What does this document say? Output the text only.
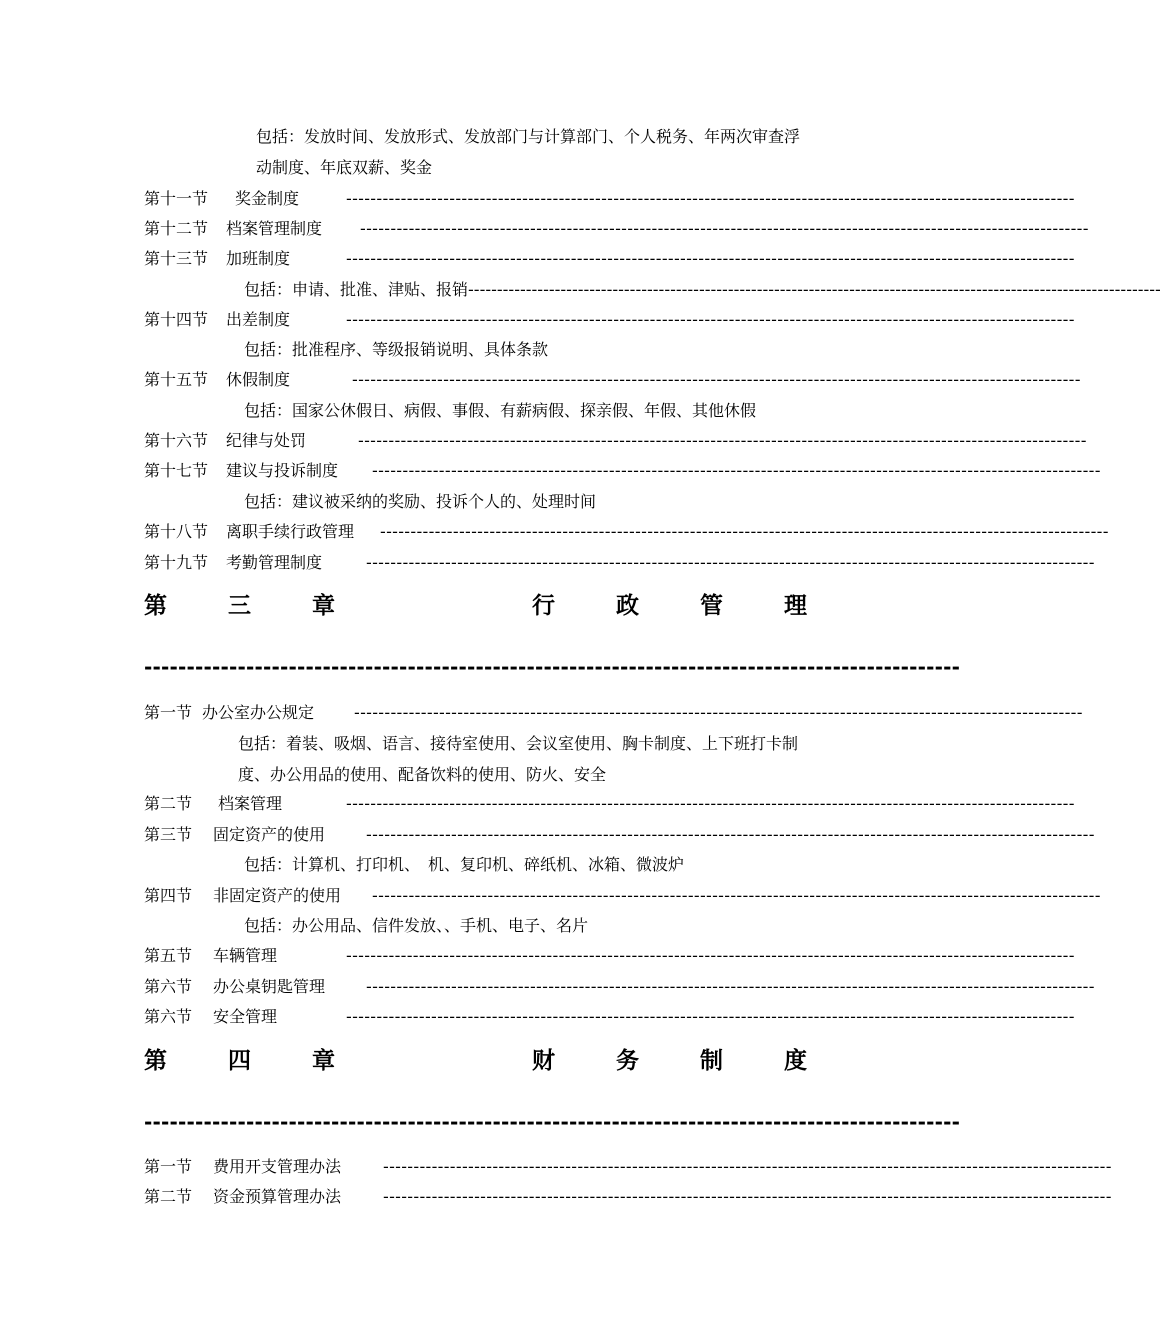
包括：发放时间、发放形式、发放部门与计算部门、个人税务、年两次审查浮动制度、年底双薪、奖金
第十一节 奖金制度	------------------------------------------------------------------------------------------------------------------------
第十二节 档案管理制度 ------------------------------------------------------------------------------------------------------------------------
第十三节 加班制度	------------------------------------------------------------------------------------------------------------------------
包括：申请、批准、津贴、报销------------------------------------------------------------------------------------------------------------------------
第十四节 出差制度	------------------------------------------------------------------------------------------------------------------------
包括：批准程序、等级报销说明、具体条款
第十五节 休假制度	------------------------------------------------------------------------------------------------------------------------
包括：国家公休假日、病假、事假、有薪病假、探亲假、年假、其他休假
第十六节 纪律与处罚	------------------------------------------------------------------------------------------------------------------------
第十七节 建议与投诉制度 ------------------------------------------------------------------------------------------------------------------------
包括：建议被采纳的奖励、投诉个人的、处理时间
第十八节 离职手续行政管理 ------------------------------------------------------------------------------------------------------------------------
第十九节 考勤管理制度	------------------------------------------------------------------------------------------------------------------------
第	三	章	行	政	管	理
------------------------------------------------------------------------------------------------
第一节 办公室办公规定 ------------------------------------------------------------------------------------------------------------------------
包括：着装、吸烟、语言、接待室使用、会议室使用、胸卡制度、上下班打卡制度、办公用品的使用、配备饮料的使用、防火、安全
第二节 档案管理	------------------------------------------------------------------------------------------------------------------------
第三节 固定资产的使用	------------------------------------------------------------------------------------------------------------------------
包括：计算机、打印机、　机、复印机、碎纸机、冰箱、微波炉
第四节 非固定资产的使用 ------------------------------------------------------------------------------------------------------------------------
包括：办公用品、信件发放、、手机、电子、名片
第五节 车辆管理	------------------------------------------------------------------------------------------------------------------------
第六节 办公桌钥匙管理	------------------------------------------------------------------------------------------------------------------------
第六节 安全管理	------------------------------------------------------------------------------------------------------------------------
第	四	章	财	务	制	度
------------------------------------------------------------------------------------------------
第一节 费用开支管理办法	------------------------------------------------------------------------------------------------------------------------
第二节 资金预算管理办法	------------------------------------------------------------------------------------------------------------------------
